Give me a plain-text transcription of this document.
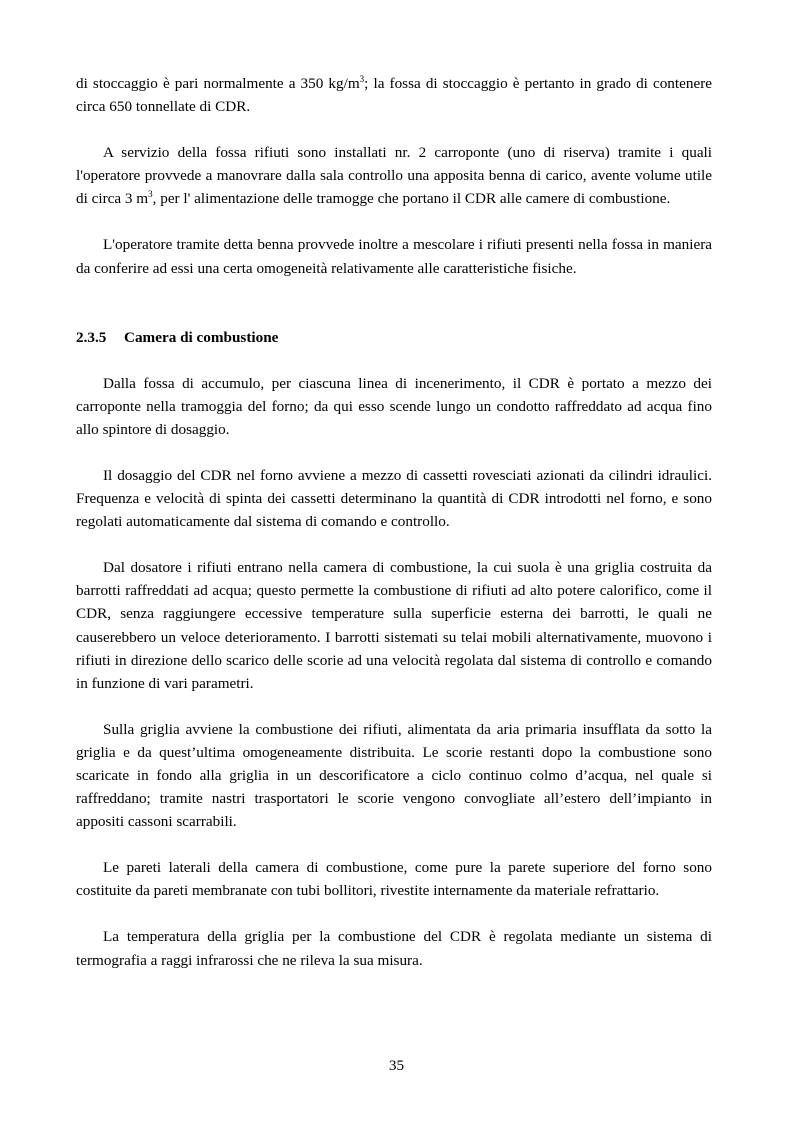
di stoccaggio è pari normalmente a 350 $kg/m^3$; la fossa di stoccaggio è pertanto in grado di contenere circa 650 tonnellate di CDR.

A servizio della fossa rifiuti sono installati nr. 2 carroponte (uno di riserva) tramite i quali l'operatore provvede a manovrare dalla sala controllo una apposita benna di carico, avente volume utile di circa 3 $m^3$, per l' alimentazione delle tramogge che portano il CDR alle camere di combustione.

L'operatore tramite detta benna provvede inoltre a mescolare i rifiuti presenti nella fossa in maniera da conferire ad essi una certa omogeneità relativamente alle caratteristiche fisiche.

2.3.5 Camera di combustione

Dalla fossa di accumulo, per ciascuna linea di incenerimento, il CDR è portato a mezzo dei carroponte nella tramoggia del forno; da qui esso scende lungo un condotto raffreddato ad acqua fino allo spintore di dosaggio.

Il dosaggio del CDR nel forno avviene a mezzo di cassetti rovesciati azionati da cilindri idraulici. Frequenza e velocità di spinta dei cassetti determinano la quantità di CDR introdotti nel forno, e sono regolati automaticamente dal sistema di comando e controllo.

Dal dosatore i rifiuti entrano nella camera di combustione, la cui suola è una griglia costruita da barrotti raffreddati ad acqua; questo permette la combustione di rifiuti ad alto potere calorifico, come il CDR, senza raggiungere eccessive temperature sulla superficie esterna dei barrotti, le quali ne causerebbero un veloce deterioramento. I barrotti sistemati su telai mobili alternativamente, muovono i rifiuti in direzione dello scarico delle scorie ad una velocità regolata dal sistema di controllo e comando in funzione di vari parametri.

Sulla griglia avviene la combustione dei rifiuti, alimentata da aria primaria insufflata da sotto la griglia e da quest’ultima omogeneamente distribuita. Le scorie restanti dopo la combustione sono scaricate in fondo alla griglia in un descorificatore a ciclo continuo colmo d’acqua, nel quale si raffreddano; tramite nastri trasportatori le scorie vengono convogliate all’estero dell’impianto in appositi cassoni scarrabili.

Le pareti laterali della camera di combustione, come pure la parete superiore del forno sono costituite da pareti membranate con tubi bollitori, rivestite internamente da materiale refrattario.

La temperatura della griglia per la combustione del CDR è regolata mediante un sistema di termografia a raggi infrarossi che ne rileva la sua misura.

35
